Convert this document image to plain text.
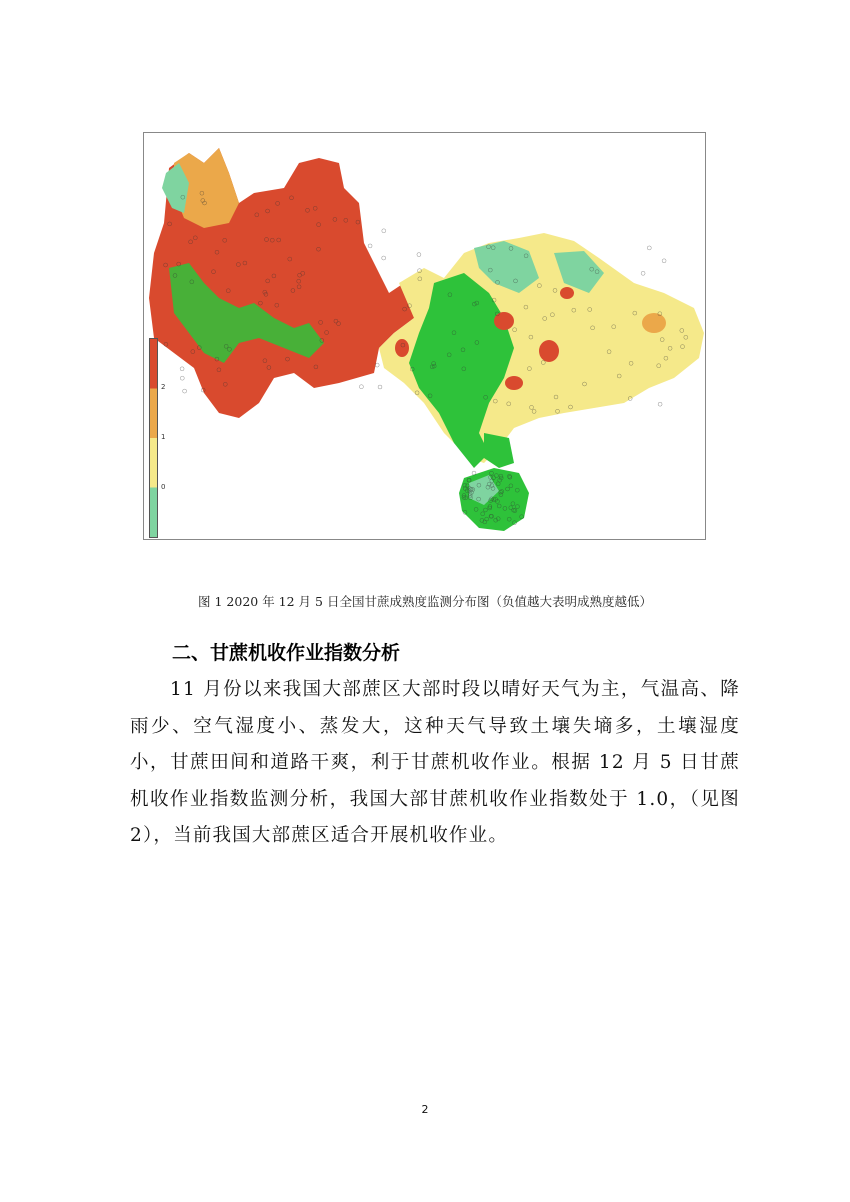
2
1
0
图 1 2020 年 12 月 5 日全国甘蔗成熟度监测分布图（负值越大表明成熟度越低）
二、甘蔗机收作业指数分析
11 月份以来我国大部蔗区大部时段以晴好天气为主，气温高、降雨少、空气湿度小、蒸发大，这种天气导致土壤失墒多，土壤湿度小，甘蔗田间和道路干爽，利于甘蔗机收作业。根据 12 月 5 日甘蔗机收作业指数监测分析，我国大部甘蔗机收作业指数处于 1.0，（见图 2），当前我国大部蔗区适合开展机收作业。
2
